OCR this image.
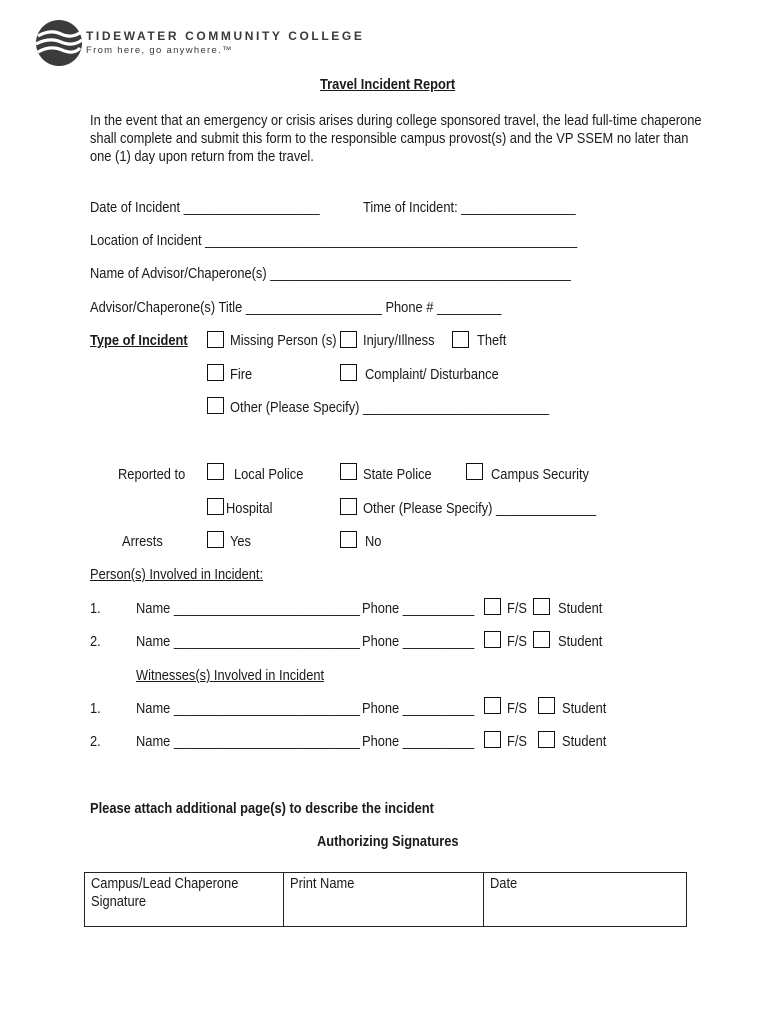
TIDEWATER COMMUNITY COLLEGE
From here, go anywhere.™
Travel Incident Report
In the event that an emergency or crisis arises during college sponsored travel, the lead full-time chaperone
shall complete and submit this form to the responsible campus provost(s) and the VP SSEM no later than
one (1) day upon return from the travel.
Date of Incident ___________________	Time of Incident: ________________
Location of Incident ____________________________________________________
Name of Advisor/Chaperone(s) __________________________________________
Advisor/Chaperone(s) Title ___________________ Phone # _________
Type of Incident	Missing Person (s) Injury/Illness	Theft
Fire	Complaint/ Disturbance
Other (Please Specify) __________________________
Reported to	Local Police	State Police	Campus Security
Hospital	Other (Please Specify) ______________
Arrests	Yes	No
Person(s) Involved in Incident:
1. Name __________________________ Phone __________ F/S Student
2. Name __________________________ Phone __________ F/S Student
Witnesses(s) Involved in Incident
1. Name __________________________ Phone __________ F/S Student
2. Name __________________________ Phone __________ F/S Student
Please attach additional page(s) to describe the incident
Authorizing Signatures
Campus/Lead Chaperone
Signature	Print Name	Date
